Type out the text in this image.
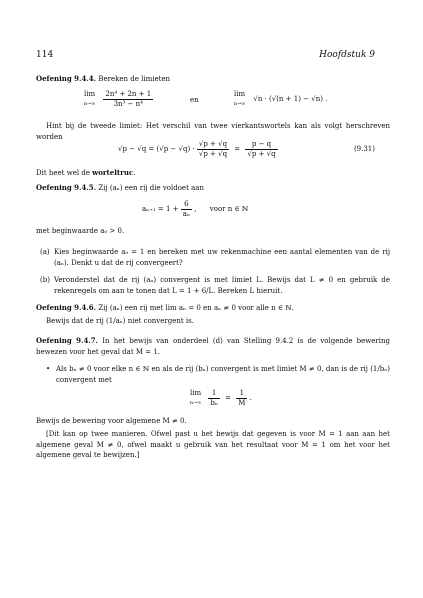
114	Hoofdstuk 9
Oefening 9.4.4. Bereken de limieten
lim
$n\to\infty \frac{\text{2n⁴ + 2n + 1}}{\text{3n³ − n⁴}}$	en
lim
n→∞ √n · (√(n + 1) − √n) .
Hint bij de tweede limiet: Het verschil van twee vierkantswortels kan als volgt herschreven worden
$√p - √q = (√p - √q) \cdot \frac{√p + √q}{√p + √q} = \frac{p - q}{√p + √q}$	(9.31)
Dit heet wel de worteltruc.
Oefening 9.4.5. Zij (aₙ) een rij die voldoet aan
$a_{n+1} = 1 + \frac{6}{\text{aₙ}}$ ,      voor n ∈ ℕ
met beginwaarde a₀ > 0.
(a) Kies beginwaarde a₀ = 1 en bereken met uw rekenmachine een aantal elementen van de rij (aₙ). Denkt u dat de rij convergeert?
(b) Veronderstel dat de rij (aₙ) convergent is met limiet L. Bewijs dat L ≠ 0 en gebruik de rekenregels om aan te tonen dat L = 1 + 6/L. Bereken L hieruit.
Oefening 9.4.6. Zij (aₙ) een rij met lim aₙ = 0 en aₙ ≠ 0 voor alle n ∈ ℕ.
Bewijs dat de rij (1/aₙ) niet convergent is.
Oefening 9.4.7. In het bewijs van onderdeel (d) van Stelling 9.4.2 is de volgende bewering bewezen voor het geval dat M = 1.
• Als bₙ ≠ 0 voor elke n ∈ ℕ en als de rij (bₙ) convergent is met limiet M ≠ 0, dan is de rij (1/bₙ) convergent met
lim
$n\to\infty \frac{1}{\text{bₙ}} = \frac{1}{M}$ .
Bewijs de bewering voor algemene M ≠ 0.
[Dit kan op twee manieren. Ofwel past u het bewijs dat gegeven is voor M = 1 aan aan het algemene geval M ≠ 0, ofwel maakt u gebruik van het resultaat voor M = 1 om het voor het algemene geval te bewijzen.]
